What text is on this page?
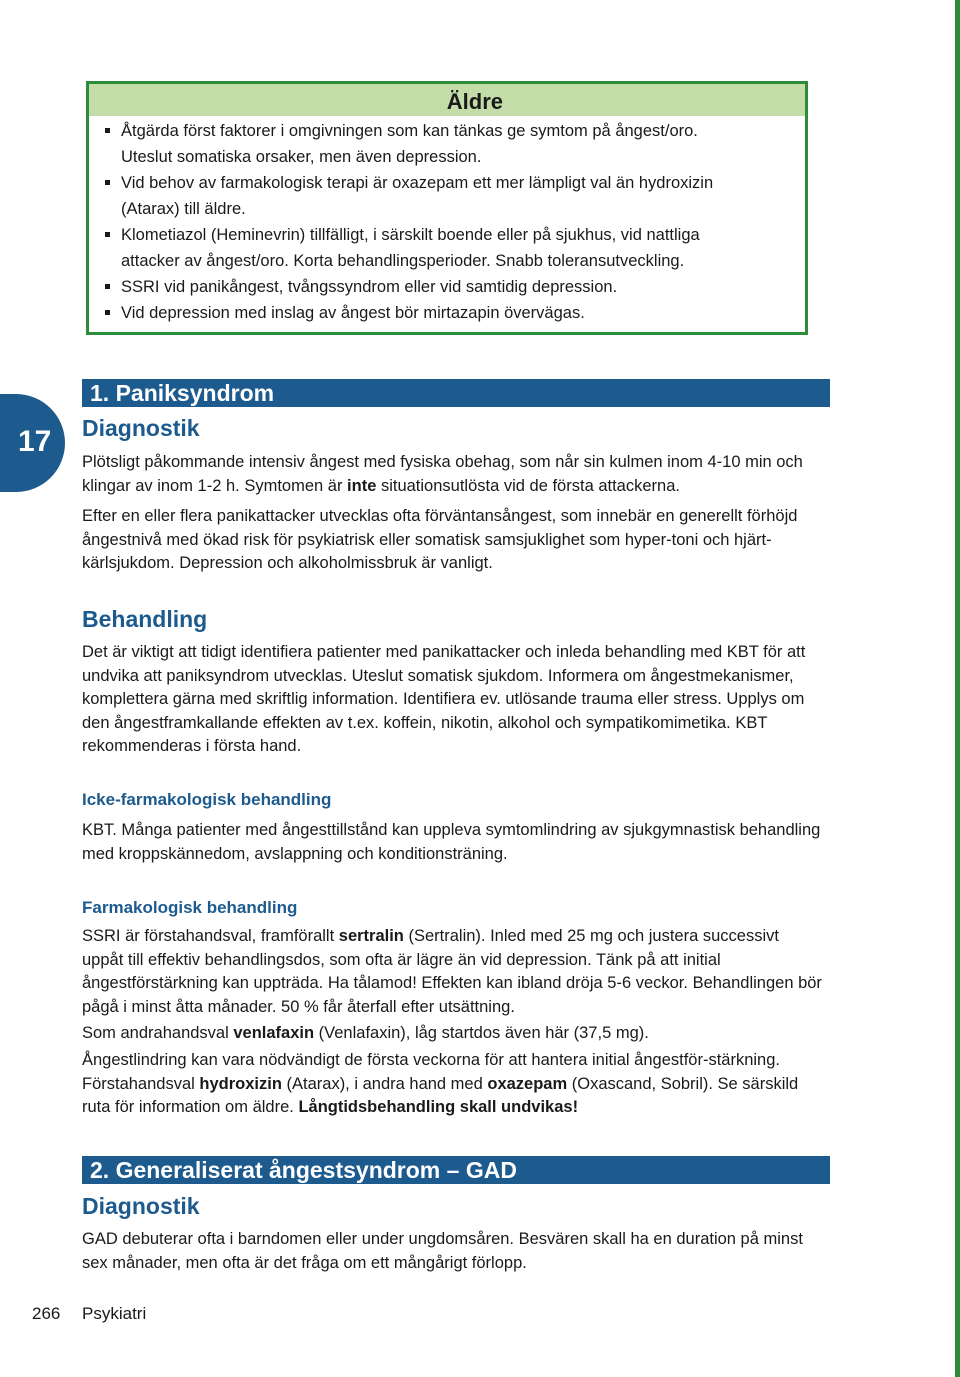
Äldre
Åtgärda först faktorer i omgivningen som kan tänkas ge symtom på ångest/oro.
Uteslut somatiska orsaker, men även depression.
Vid behov av farmakologisk terapi är oxazepam ett mer lämpligt val än hydroxizin
(Atarax) till äldre.
Klometiazol (Heminevrin) tillfälligt, i särskilt boende eller på sjukhus, vid nattliga
attacker av ångest/oro. Korta behandlingsperioder. Snabb toleransutveckling.
SSRI vid panikångest, tvångssyndrom eller vid samtidig depression.
Vid depression med inslag av ångest bör mirtazapin övervägas.
17
1. Paniksyndrom
Diagnostik

Plötsligt påkommande intensiv ångest med fysiska obehag, som når sin kulmen inom 4-10 min och klingar av inom 1-2 h. Symtomen är inte situationsutlösta vid de första attackerna.

Efter en eller flera panikattacker utvecklas ofta förväntansångest, som innebär en generellt förhöjd ångestnivå med ökad risk för psykiatrisk eller somatisk samsjuklighet som hyper-toni och hjärt-kärlsjukdom. Depression och alkoholmissbruk är vanligt.

Behandling

Det är viktigt att tidigt identifiera patienter med panikattacker och inleda behandling med KBT för att undvika att paniksyndrom utvecklas. Uteslut somatisk sjukdom. Informera om ångestmekanismer, komplettera gärna med skriftlig information. Identifiera ev. utlösande trauma eller stress. Upplys om den ångestframkallande effekten av t.ex. koffein, nikotin, alkohol och sympatikomimetika. KBT rekommenderas i första hand.

Icke-farmakologisk behandling

KBT. Många patienter med ångesttillstånd kan uppleva symtomlindring av sjukgymnastisk behandling med kroppskännedom, avslappning och konditionsträning.

Farmakologisk behandling

SSRI är förstahandsval, framförallt sertralin (Sertralin). Inled med 25 mg och justera successivt uppåt till effektiv behandlingsdos, som ofta är lägre än vid depression. Tänk på att initial ångestförstärkning kan uppträda. Ha tålamod! Effekten kan ibland dröja 5-6 veckor. Behandlingen bör pågå i minst åtta månader. 50 % får återfall efter utsättning.

Som andrahandsval venlafaxin (Venlafaxin), låg startdos även här (37,5 mg).

Ångestlindring kan vara nödvändigt de första veckorna för att hantera initial ångestför-stärkning. Förstahandsval hydroxizin (Atarax), i andra hand med oxazepam (Oxascand, Sobril). Se särskild ruta för information om äldre. Långtidsbehandling skall undvikas!

2. Generaliserat ångestsyndrom – GAD
Diagnostik

GAD debuterar ofta i barndomen eller under ungdomsåren. Besvären skall ha en duration på minst sex månader, men ofta är det fråga om ett mångårigt förlopp.

266 Psykiatri
